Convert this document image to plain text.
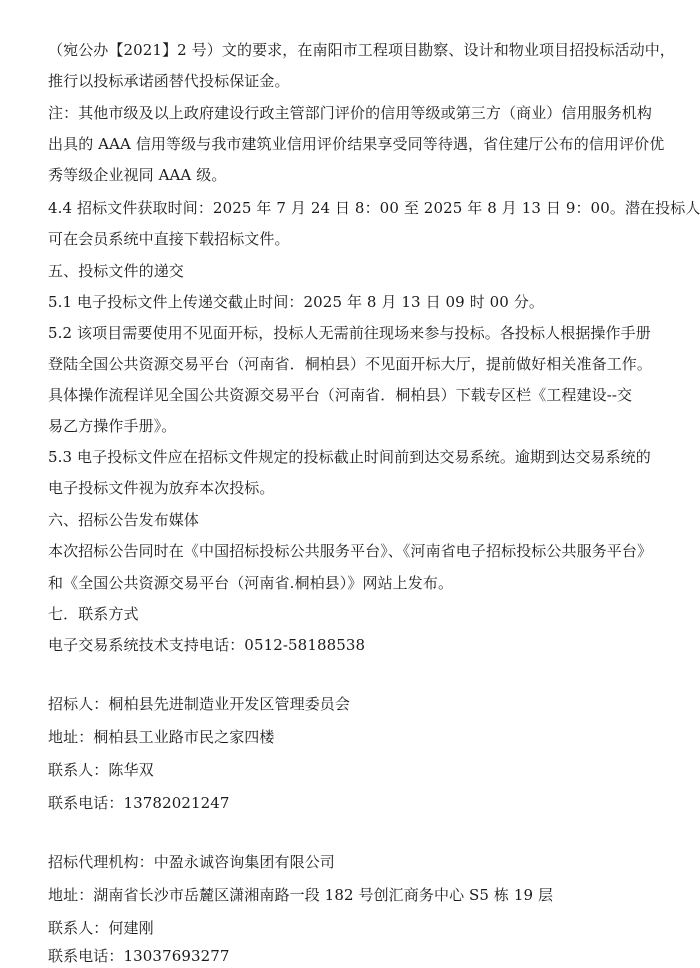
（宛公办【2021】2 号）文的要求，在南阳市工程项目勘察、设计和物业项目招投标活动中，
推行以投标承诺函替代投标保证金。
注：其他市级及以上政府建设行政主管部门评价的信用等级或第三方（商业）信用服务机构
出具的 AAA 信用等级与我市建筑业信用评价结果享受同等待遇，省住建厅公布的信用评价优
秀等级企业视同 AAA 级。
4.4 招标文件获取时间：2025 年 7 月 24 日 8：00 至 2025 年 8 月 13 日 9：00。潜在投标人
可在会员系统中直接下载招标文件。
五、投标文件的递交
5.1 电子投标文件上传递交截止时间：2025 年 8 月 13 日 09 时 00 分。
5.2 该项目需要使用不见面开标，投标人无需前往现场来参与投标。各投标人根据操作手册
登陆全国公共资源交易平台（河南省．桐柏县）不见面开标大厅，提前做好相关准备工作。
具体操作流程详见全国公共资源交易平台（河南省．桐柏县）下载专区栏《工程建设--交
易乙方操作手册》。
5.3 电子投标文件应在招标文件规定的投标截止时间前到达交易系统。逾期到达交易系统的
电子投标文件视为放弃本次投标。
六、招标公告发布媒体
本次招标公告同时在《中国招标投标公共服务平台》、《河南省电子招标投标公共服务平台》
和《全国公共资源交易平台（河南省.桐柏县）》网站上发布。
七．联系方式
电子交易系统技术支持电话：0512-58188538
招标人：桐柏县先进制造业开发区管理委员会
地址：桐柏县工业路市民之家四楼
联系人：陈华双
联系电话：13782021247
招标代理机构：中盈永诚咨询集团有限公司
地址：湖南省长沙市岳麓区潇湘南路一段 182 号创汇商务中心 S5 栋 19 层
联系人：何建刚
联系电话：13037693277
